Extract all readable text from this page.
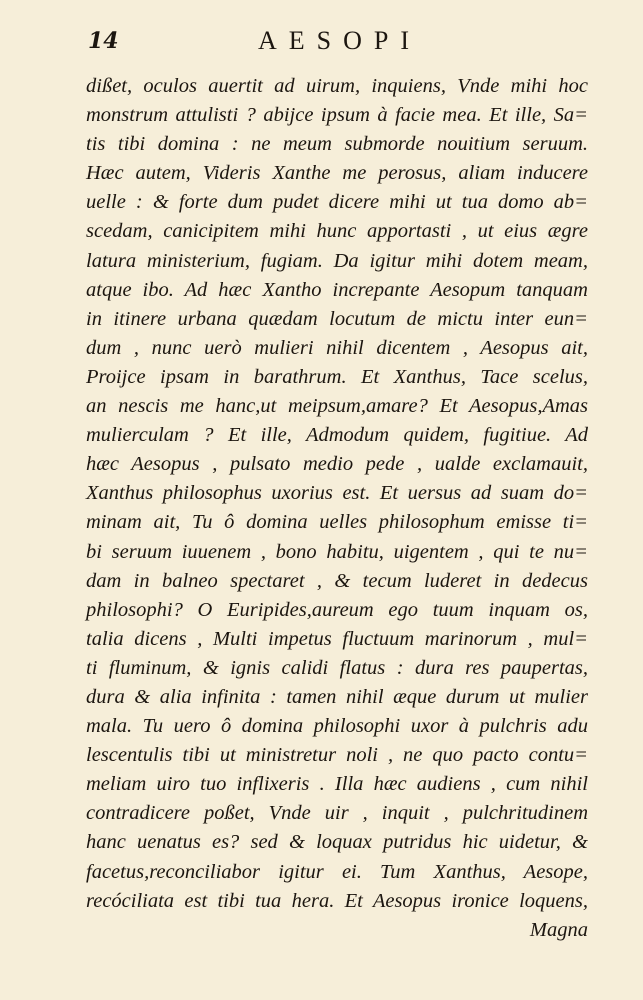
14	AESOPI
dißet, oculos auertit ad uirum, inquiens, Vnde mihi hoc
monstrum attulisti ? abijce ipsum à facie mea. Et ille, Sa=
tis tibi domina : ne meum submorde nouitium seruum.
Hæc autem, Videris Xanthe me perosus, aliam inducere
uelle : & forte dum pudet dicere mihi ut tua domo ab=
scedam, canicipitem mihi hunc apportasti , ut eius ægre
latura ministerium, fugiam. Da igitur mihi dotem meam,
atque ibo. Ad hæc Xantho increpante Aesopum tanquam
in itinere urbana quædam locutum de mictu inter eun=
dum , nunc uerò mulieri nihil dicentem , Aesopus ait,
Proijce ipsam in barathrum. Et Xanthus, Tace scelus,
an nescis me hanc,ut meipsum,amare? Et Aesopus,Amas
mulierculam ? Et ille, Admodum quidem, fugitiue. Ad
hæc Aesopus , pulsato medio pede , ualde exclamauit,
Xanthus philosophus uxorius est. Et uersus ad suam do=
minam ait, Tu ô domina uelles philosophum emisse ti=
bi seruum iuuenem , bono habitu, uigentem , qui te nu=
dam in balneo spectaret , & tecum luderet in dedecus
philosophi? O Euripides,aureum ego tuum inquam os,
talia dicens , Multi impetus fluctuum marinorum , mul=
ti fluminum, & ignis calidi flatus : dura res paupertas,
dura & alia infinita : tamen nihil æque durum ut mulier
mala. Tu uero ô domina philosophi uxor à pulchris adu
lescentulis tibi ut ministretur noli , ne quo pacto contu=
meliam uiro tuo inflixeris . Illa hæc audiens , cum nihil
contradicere poßet, Vnde uir , inquit , pulchritudinem
hanc uenatus es? sed & loquax putridus hic uidetur, &
facetus,reconciliabor igitur ei. Tum Xanthus, Aesope,
recóciliata est tibi tua hera. Et Aesopus ironice loquens,
Magna
